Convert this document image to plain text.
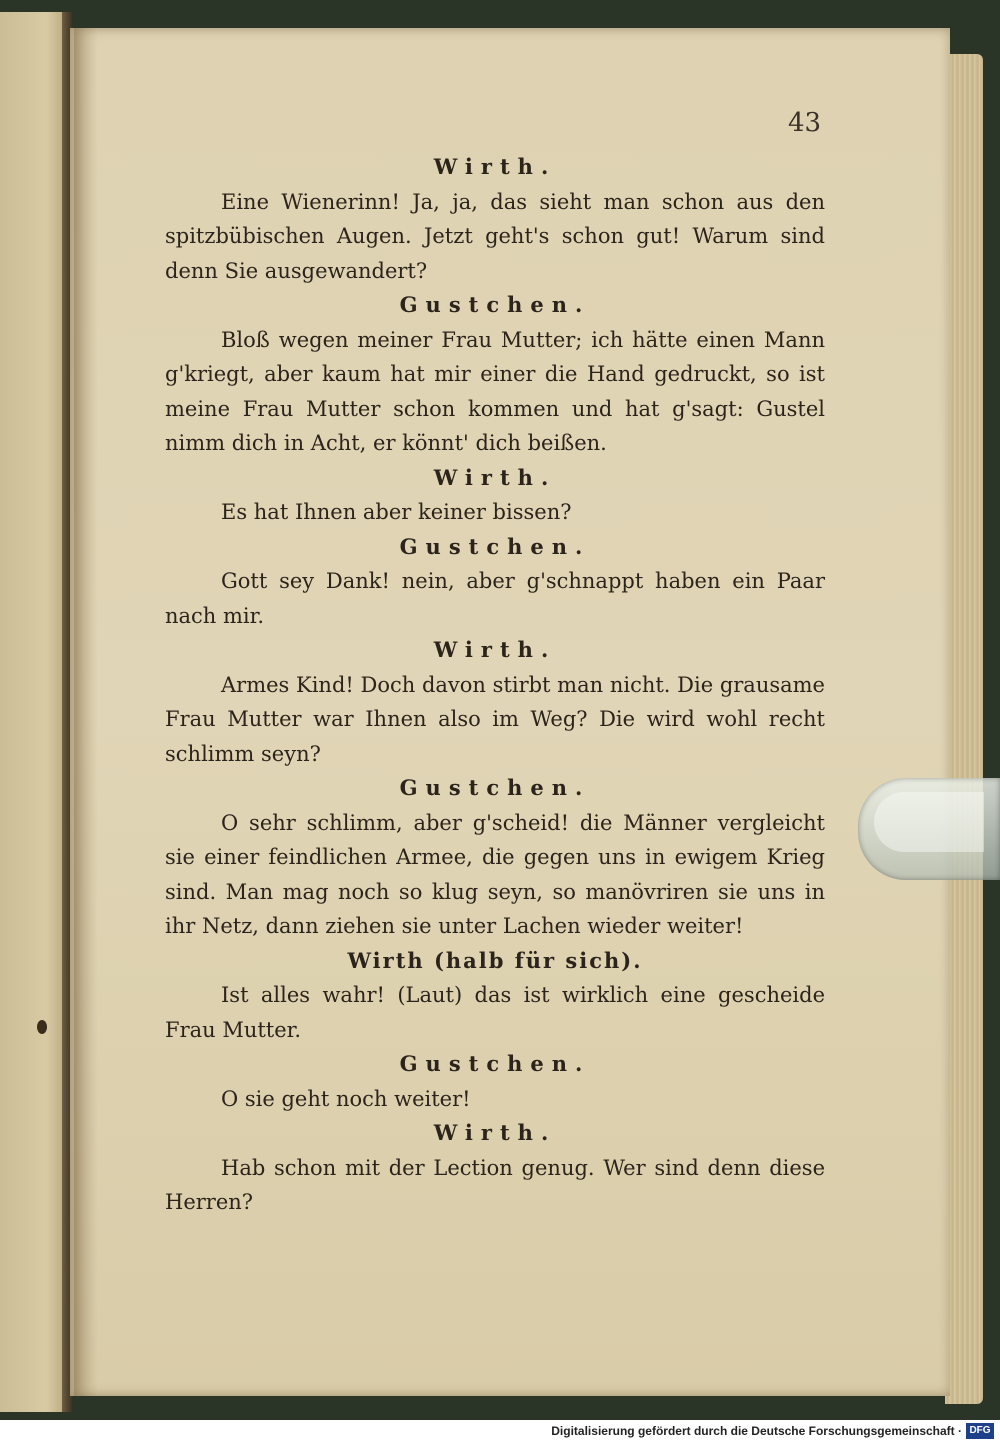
43
Wirth.
Eine Wienerinn! Ja, ja, das sieht man schon aus den spitzbübischen Augen. Jetzt geht's schon gut! Warum sind denn Sie ausgewandert?
Gustchen.
Bloß wegen meiner Frau Mutter; ich hätte einen Mann g'kriegt, aber kaum hat mir einer die Hand gedruckt, so ist meine Frau Mutter schon kommen und hat g'sagt: Gustel nimm dich in Acht, er könnt' dich beißen.
Wirth.
Es hat Ihnen aber keiner bissen?
Gustchen.
Gott sey Dank! nein, aber g'schnappt haben ein Paar nach mir.
Wirth.
Armes Kind! Doch davon stirbt man nicht. Die grausame Frau Mutter war Ihnen also im Weg? Die wird wohl recht schlimm seyn?
Gustchen.
O sehr schlimm, aber g'scheid! die Männer vergleicht sie einer feindlichen Armee, die gegen uns in ewigem Krieg sind. Man mag noch so klug seyn, so manövriren sie uns in ihr Netz, dann ziehen sie unter Lachen wieder weiter!
Wirth (halb für sich).
Ist alles wahr! (Laut) das ist wirklich eine gescheide Frau Mutter.
Gustchen.
O sie geht noch weiter!
Wirth.
Hab schon mit der Lection genug. Wer sind denn diese Herren?
Digitalisierung gefördert durch die Deutsche Forschungsgemeinschaft · DFG
